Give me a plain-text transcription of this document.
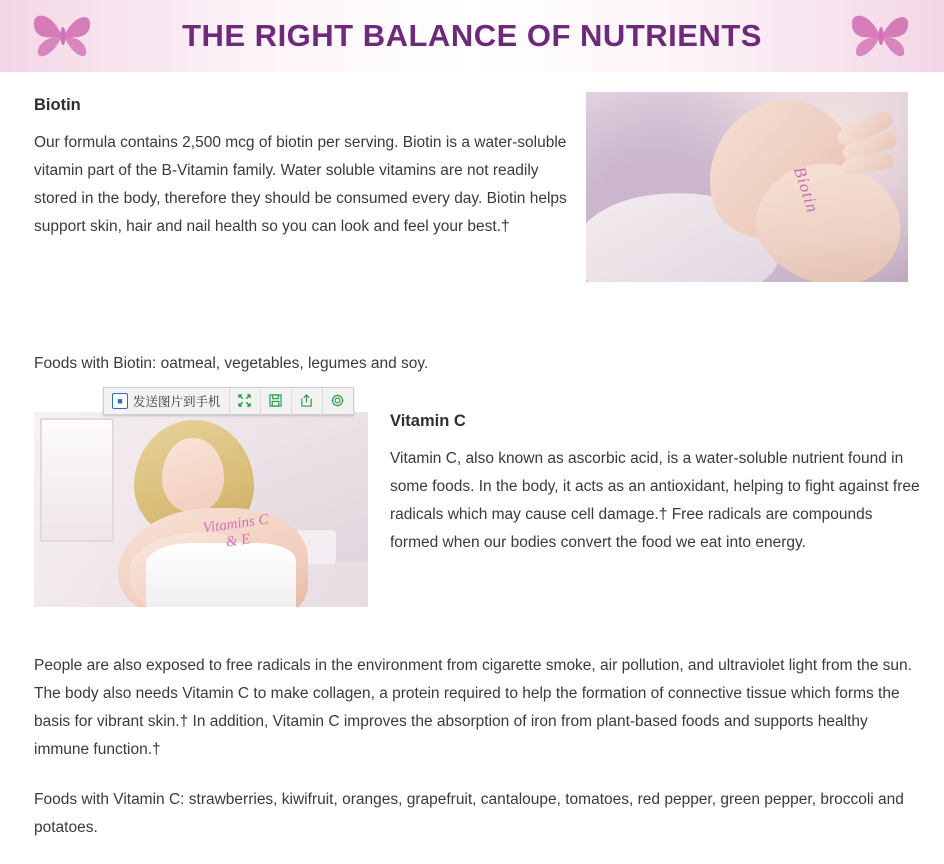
THE RIGHT BALANCE OF NUTRIENTS
Biotin

Our formula contains 2,500 mcg of biotin per serving. Biotin is a water-soluble vitamin part of the B-Vitamin family. Water soluble vitamins are not readily stored in the body, therefore they should be consumed every day. Biotin helps support skin, hair and nail health so you can look and feel your best.†

Biotin
Foods with Biotin: oatmeal, vegetables, legumes and soy.
■ 发送图片到手机
Vitamins C & E
Vitamin C

Vitamin C, also known as ascorbic acid, is a water-soluble nutrient found in some foods. In the body, it acts as an antioxidant, helping to fight against free radicals which may cause cell damage.† Free radicals are compounds formed when our bodies convert the food we eat into energy.

People are also exposed to free radicals in the environment from cigarette smoke, air pollution, and ultraviolet light from the sun. The body also needs Vitamin C to make collagen, a protein required to help the formation of connective tissue which forms the basis for vibrant skin.† In addition, Vitamin C improves the absorption of iron from plant-based foods and supports healthy immune function.†

Foods with Vitamin C: strawberries, kiwifruit, oranges, grapefruit, cantaloupe, tomatoes, red pepper, green pepper, broccoli and potatoes.
